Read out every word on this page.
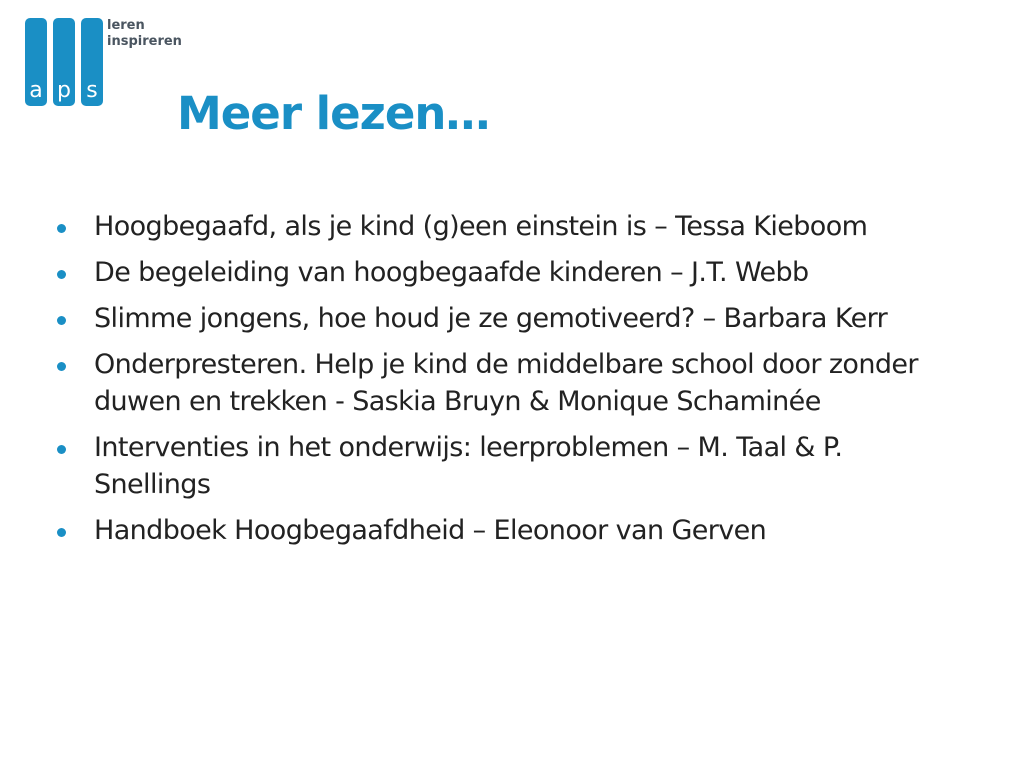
a p s
leren
inspireren
Meer lezen…
Hoogbegaafd, als je kind (g)een einstein is – Tessa Kieboom
De begeleiding van hoogbegaafde kinderen – J.T. Webb
Slimme jongens, hoe houd je ze gemotiveerd? – Barbara Kerr
Onderpresteren. Help je kind de middelbare school door zonder duwen en trekken - Saskia Bruyn & Monique Schaminée
Interventies in het onderwijs: leerproblemen – M. Taal & P. Snellings
Handboek Hoogbegaafdheid – Eleonoor van Gerven
